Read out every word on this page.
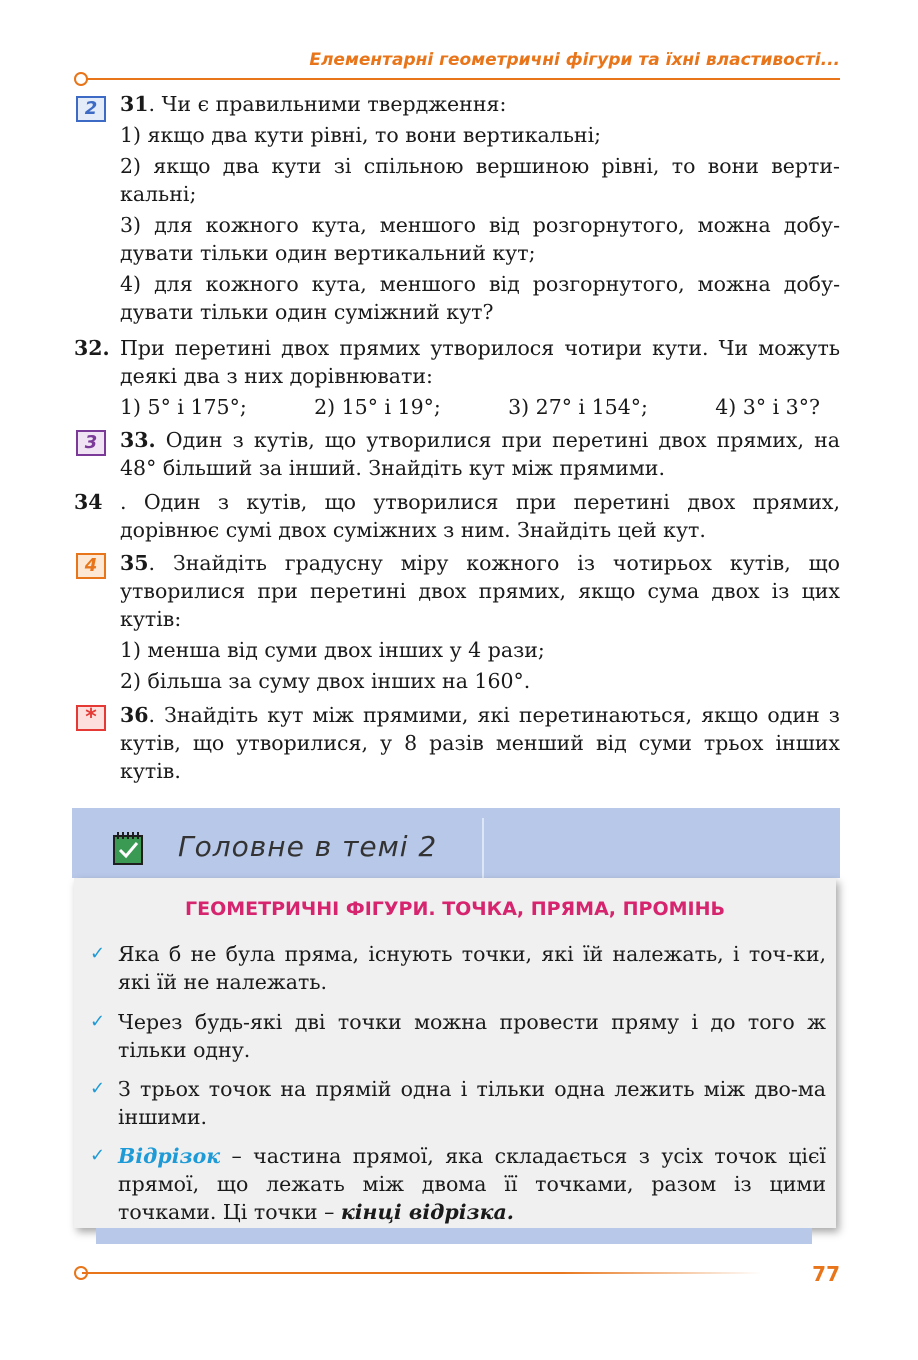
Елементарні геометричні фігури та їхні властивості...
2	31. Чи є правильними твердження:

1) якщо два кути рівні, то вони вертикальні;

2) якщо два кути зі спільною вершиною рівні, то вони верти-кальні;

3) для кожного кута, меншого від розгорнутого, можна добу-дувати тільки один вертикальний кут;

4) для кожного кута, меншого від розгорнутого, можна добу-дувати тільки один суміжний кут?

32. При перетині двох прямих утворилося чотири кути. Чи можуть деякі два з них дорівнювати:

1) 5° і 175°;	2) 15° і 19°;	3) 27° і 154°;	4) 3° і 3°?
3	33. Один з кутів, що утворилися при перетині двох прямих, на 48° більший за інший. Знайдіть кут між прямими.

34 . Один з кутів, що утворилися при перетині двох прямих, дорівнює сумі двох суміжних з ним. Знайдіть цей кут.

4	35. Знайдіть градусну міру кожного із чотирьох кутів, що утворилися при перетині двох прямих, якщо сума двох із цих кутів:

1) менша від суми двох інших у 4 рази;

2) більша за суму двох інших на 160°.

*	36. Знайдіть кут між прямими, які перетинаються, якщо один з кутів, що утворилися, у 8 разів менший від суми трьох інших кутів.

Головне в темі 2
ГЕОМЕТРИЧНІ ФІГУРИ. ТОЧКА, ПРЯМА, ПРОМІНЬ
✓ Яка б не була пряма, існують точки, які їй належать, і точ-ки, які їй не належать.
✓ Через будь-які дві точки можна провести пряму і до того ж тільки одну.
✓ З трьох точок на прямій одна і тільки одна лежить між дво-ма іншими.
✓ Відрізок – частина прямої, яка складається з усіх точок цієї прямої, що лежать між двома її точками, разом із цими точками. Ці точки – кінці відрізка.
77
